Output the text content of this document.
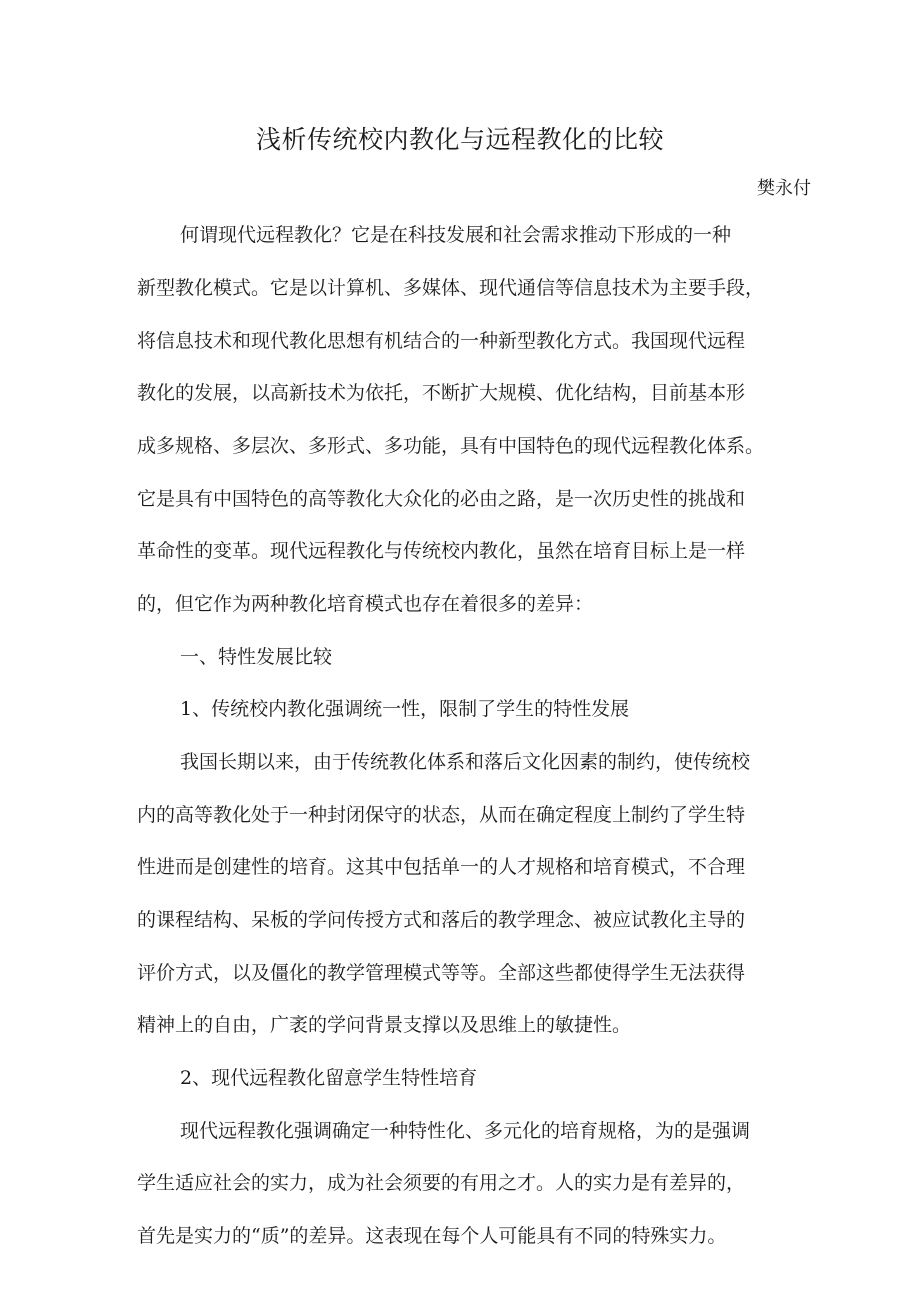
浅析传统校内教化与远程教化的比较
樊永付
何谓现代远程教化？它是在科技发展和社会需求推动下形成的一种
新型教化模式。它是以计算机、多媒体、现代通信等信息技术为主要手段，
将信息技术和现代教化思想有机结合的一种新型教化方式。我国现代远程
教化的发展，以高新技术为依托，不断扩大规模、优化结构，目前基本形
成多规格、多层次、多形式、多功能，具有中国特色的现代远程教化体系。
它是具有中国特色的高等教化大众化的必由之路，是一次历史性的挑战和
革命性的变革。现代远程教化与传统校内教化，虽然在培育目标上是一样
的，但它作为两种教化培育模式也存在着很多的差异：
一、特性发展比较
1、传统校内教化强调统一性，限制了学生的特性发展
我国长期以来，由于传统教化体系和落后文化因素的制约，使传统校
内的高等教化处于一种封闭保守的状态，从而在确定程度上制约了学生特
性进而是创建性的培育。这其中包括单一的人才规格和培育模式，不合理
的课程结构、呆板的学问传授方式和落后的教学理念、被应试教化主导的
评价方式，以及僵化的教学管理模式等等。全部这些都使得学生无法获得
精神上的自由，广袤的学问背景支撑以及思维上的敏捷性。
2、现代远程教化留意学生特性培育
现代远程教化强调确定一种特性化、多元化的培育规格，为的是强调
学生适应社会的实力，成为社会须要的有用之才。人的实力是有差异的，
首先是实力的“质”的差异。这表现在每个人可能具有不同的特殊实力。
